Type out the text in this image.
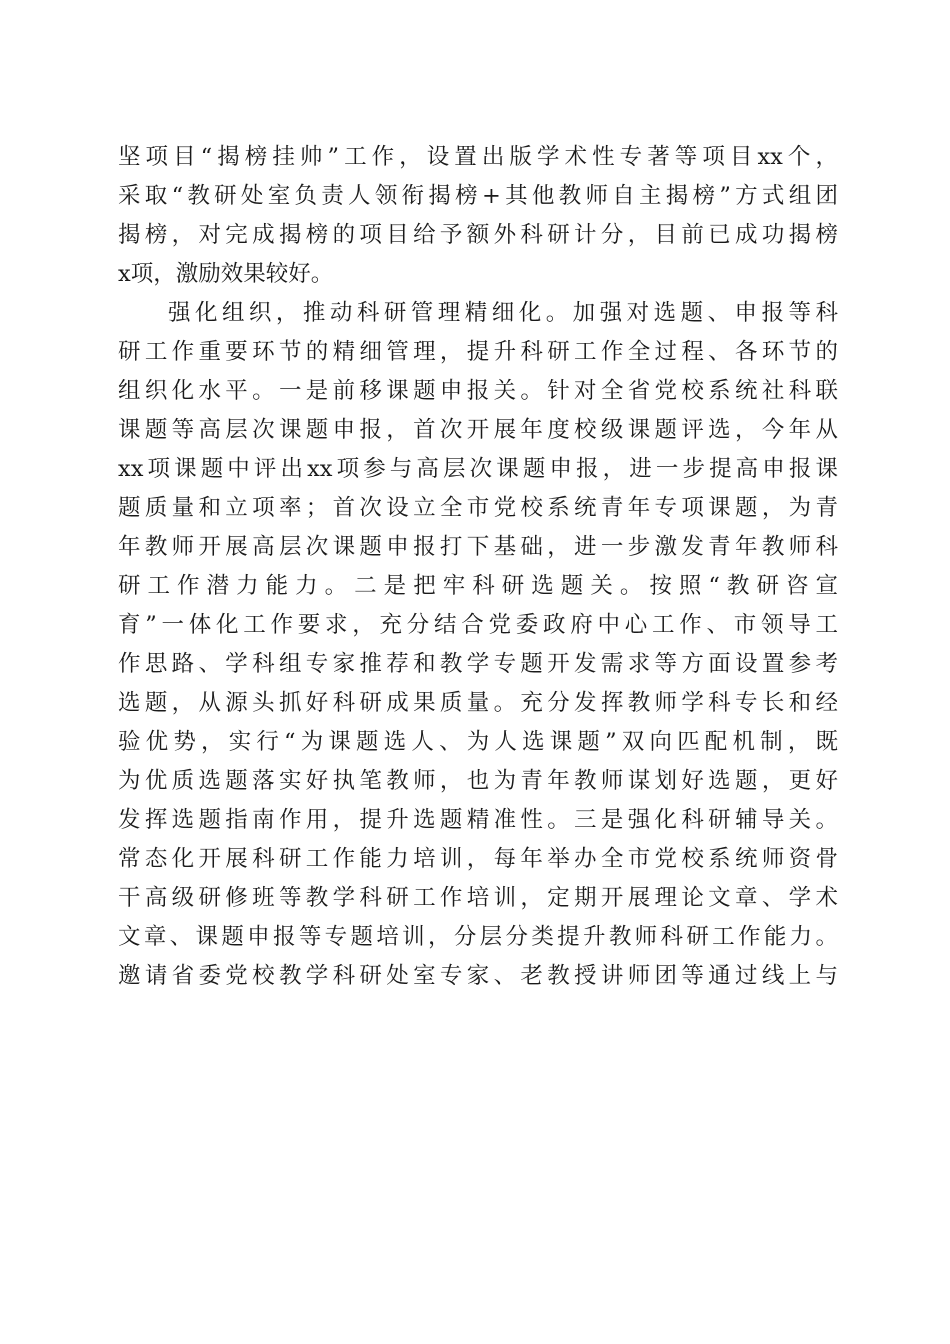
坚项目“揭榜挂帅”工作，设置出版学术性专著等项目xx个，
采取“教研处室负责人领衔揭榜+其他教师自主揭榜”方式组团
揭榜，对完成揭榜的项目给予额外科研计分，目前已成功揭榜
x项，激励效果较好。
强化组织，推动科研管理精细化。加强对选题、申报等科
研工作重要环节的精细管理，提升科研工作全过程、各环节的
组织化水平。一是前移课题申报关。针对全省党校系统社科联
课题等高层次课题申报，首次开展年度校级课题评选，今年从
xx项课题中评出xx项参与高层次课题申报，进一步提高申报课
题质量和立项率；首次设立全市党校系统青年专项课题，为青
年教师开展高层次课题申报打下基础，进一步激发青年教师科
研工作潜力能力。二是把牢科研选题关。按照“教研咨宣
育”一体化工作要求，充分结合党委政府中心工作、市领导工
作思路、学科组专家推荐和教学专题开发需求等方面设置参考
选题，从源头抓好科研成果质量。充分发挥教师学科专长和经
验优势，实行“为课题选人、为人选课题”双向匹配机制，既
为优质选题落实好执笔教师，也为青年教师谋划好选题，更好
发挥选题指南作用，提升选题精准性。三是强化科研辅导关。
常态化开展科研工作能力培训，每年举办全市党校系统师资骨
干高级研修班等教学科研工作培训，定期开展理论文章、学术
文章、课题申报等专题培训，分层分类提升教师科研工作能力。
邀请省委党校教学科研处室专家、老教授讲师团等通过线上与
